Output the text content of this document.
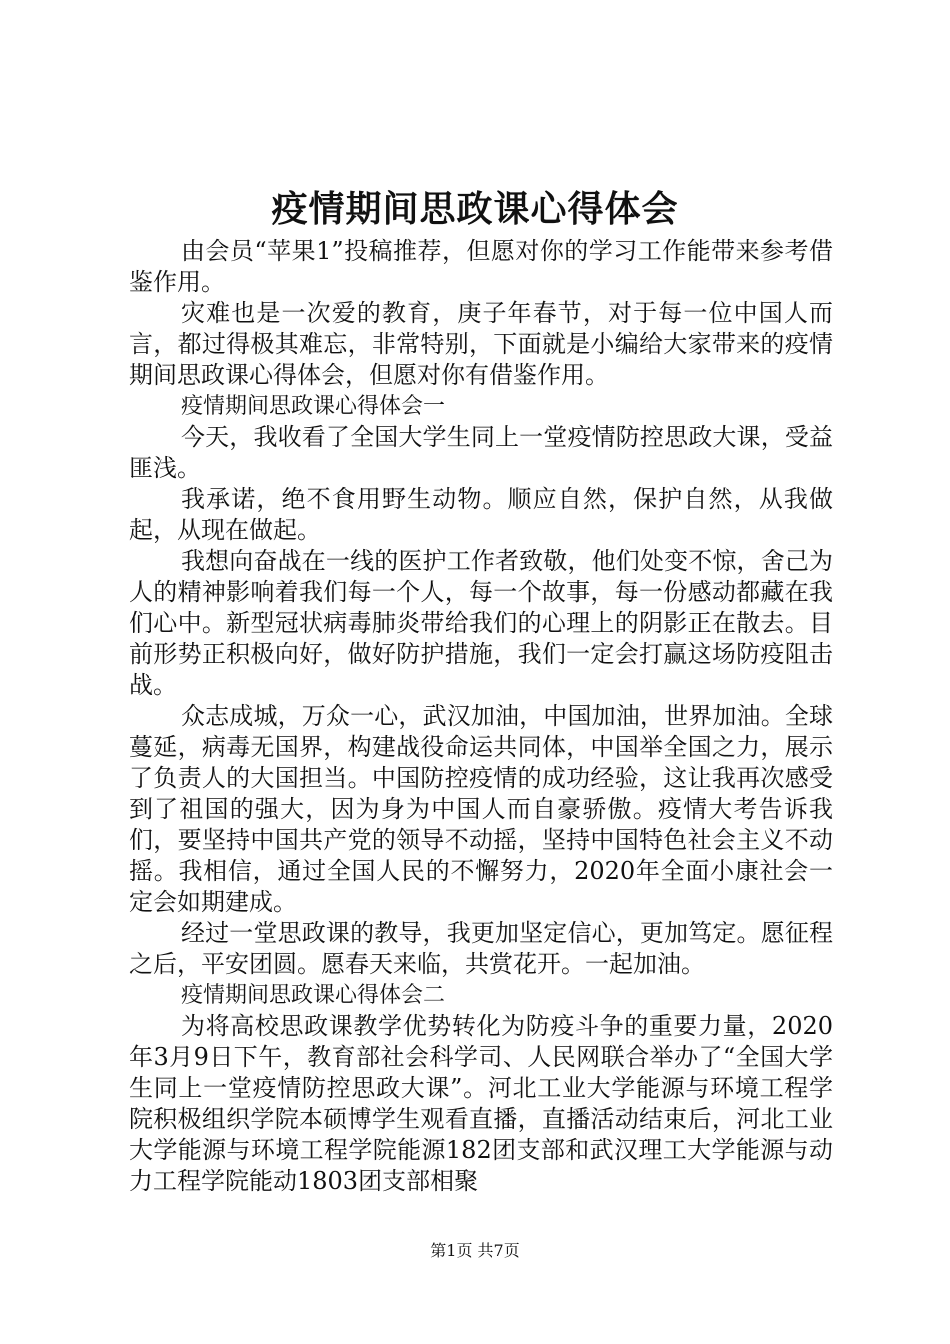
疫情期间思政课心得体会

由会员“苹果1”投稿推荐，但愿对你的学习工作能带来参考借鉴作用。

灾难也是一次爱的教育，庚子年春节，对于每一位中国人而言，都过得极其难忘，非常特别，下面就是小编给大家带来的疫情期间思政课心得体会，但愿对你有借鉴作用。

疫情期间思政课心得体会一

今天，我收看了全国大学生同上一堂疫情防控思政大课，受益匪浅。

我承诺，绝不食用野生动物。顺应自然，保护自然，从我做起，从现在做起。

我想向奋战在一线的医护工作者致敬，他们处变不惊，舍己为人的精神影响着我们每一个人，每一个故事，每一份感动都藏在我们心中。新型冠状病毒肺炎带给我们的心理上的阴影正在散去。目前形势正积极向好，做好防护措施，我们一定会打赢这场防疫阻击战。

众志成城，万众一心，武汉加油，中国加油，世界加油。全球蔓延，病毒无国界，构建战役命运共同体，中国举全国之力，展示了负责人的大国担当。中国防控疫情的成功经验，这让我再次感受到了祖国的强大，因为身为中国人而自豪骄傲。疫情大考告诉我们，要坚持中国共产党的领导不动摇，坚持中国特色社会主义不动摇。我相信，通过全国人民的不懈努力，2020年全面小康社会一定会如期建成。

经过一堂思政课的教导，我更加坚定信心，更加笃定。愿征程之后，平安团圆。愿春天来临，共赏花开。一起加油。

疫情期间思政课心得体会二

为将高校思政课教学优势转化为防疫斗争的重要力量，2020年3月9日下午，教育部社会科学司、人民网联合举办了“全国大学生同上一堂疫情防控思政大课”。河北工业大学能源与环境工程学院积极组织学院本硕博学生观看直播，直播活动结束后，河北工业大学能源与环境工程学院能源182团支部和武汉理工大学能源与动力工程学院能动1803团支部相聚

第1页 共7页
